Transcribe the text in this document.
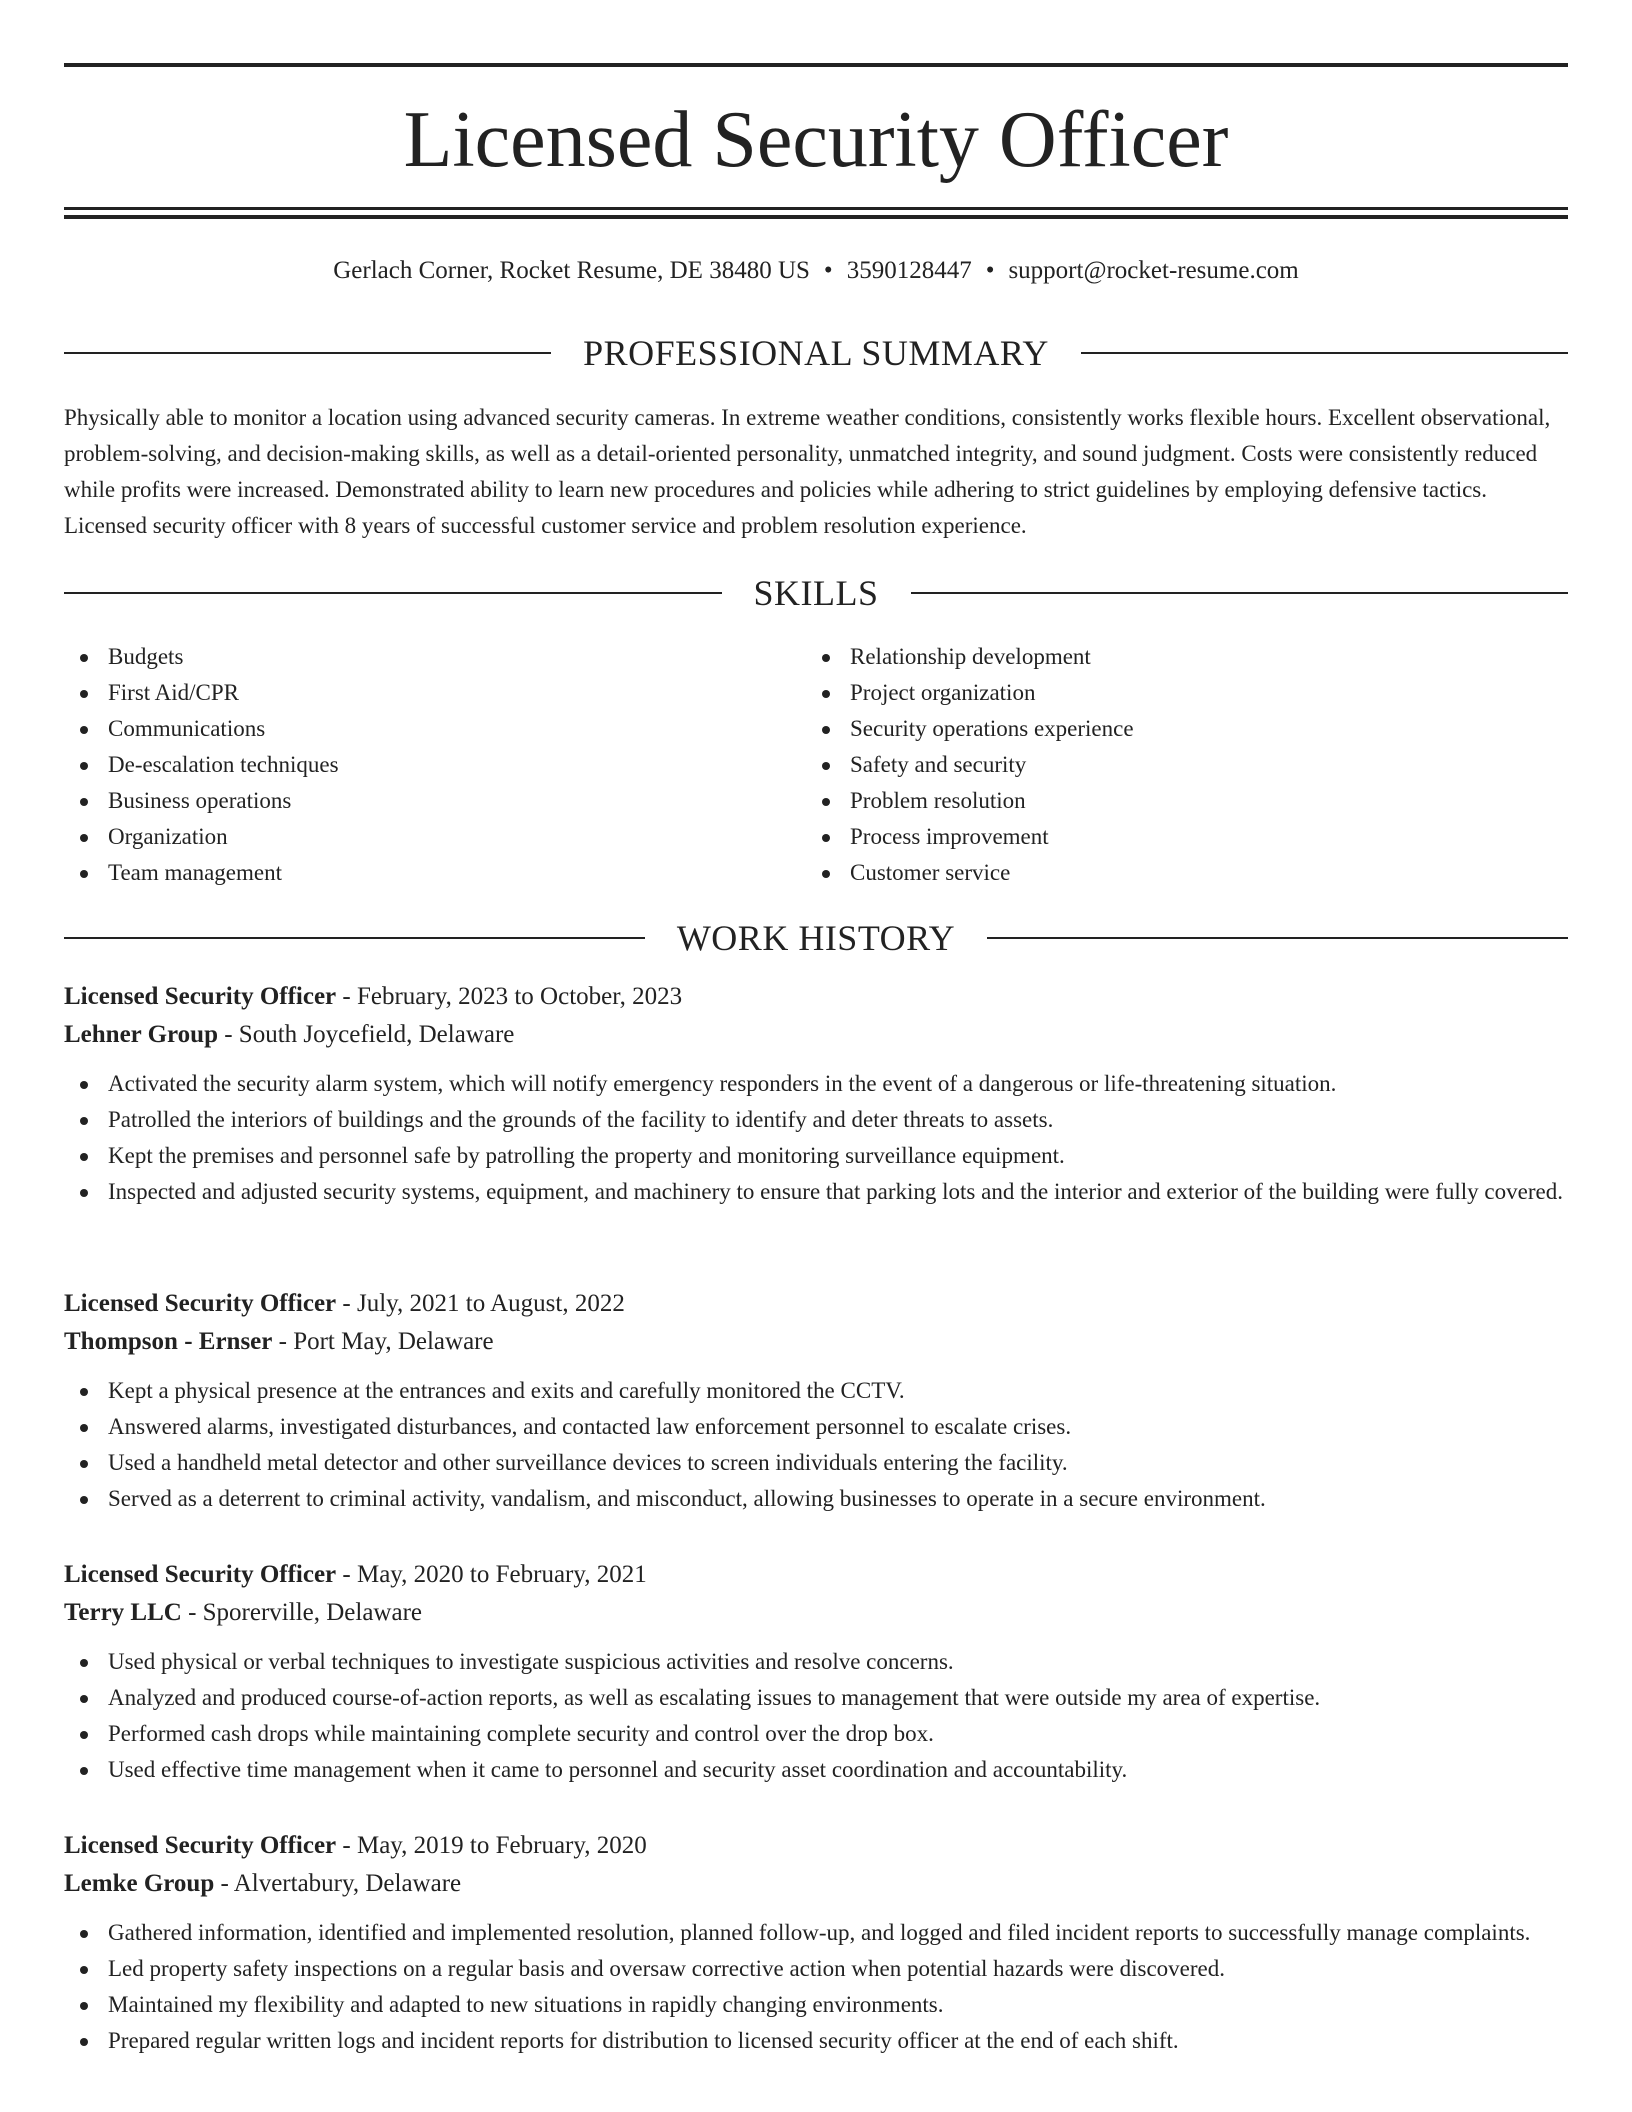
Licensed Security Officer
Gerlach Corner, Rocket Resume, DE 38480 US • 3590128447 • support@rocket-resume.com
PROFESSIONAL SUMMARY

Physically able to monitor a location using advanced security cameras. In extreme weather conditions, consistently works flexible hours. Excellent observational, problem-solving, and decision-making skills, as well as a detail-oriented personality, unmatched integrity, and sound judgment. Costs were consistently reduced while profits were increased. Demonstrated ability to learn new procedures and policies while adhering to strict guidelines by employing defensive tactics. Licensed security officer with 8 years of successful customer service and problem resolution experience.

SKILLS
Budgets
First Aid/CPR
Communications
De-escalation techniques
Business operations
Organization
Team management
Relationship development
Project organization
Security operations experience
Safety and security
Problem resolution
Process improvement
Customer service
WORK HISTORY
Licensed Security Officer - February, 2023 to October, 2023
Lehner Group - South Joycefield, Delaware
Activated the security alarm system, which will notify emergency responders in the event of a dangerous or life-threatening situation.
Patrolled the interiors of buildings and the grounds of the facility to identify and deter threats to assets.
Kept the premises and personnel safe by patrolling the property and monitoring surveillance equipment.
Inspected and adjusted security systems, equipment, and machinery to ensure that parking lots and the interior and exterior of the building were fully covered.
Licensed Security Officer - July, 2021 to August, 2022
Thompson - Ernser - Port May, Delaware
Kept a physical presence at the entrances and exits and carefully monitored the CCTV.
Answered alarms, investigated disturbances, and contacted law enforcement personnel to escalate crises.
Used a handheld metal detector and other surveillance devices to screen individuals entering the facility.
Served as a deterrent to criminal activity, vandalism, and misconduct, allowing businesses to operate in a secure environment.
Licensed Security Officer - May, 2020 to February, 2021
Terry LLC - Sporerville, Delaware
Used physical or verbal techniques to investigate suspicious activities and resolve concerns.
Analyzed and produced course-of-action reports, as well as escalating issues to management that were outside my area of expertise.
Performed cash drops while maintaining complete security and control over the drop box.
Used effective time management when it came to personnel and security asset coordination and accountability.
Licensed Security Officer - May, 2019 to February, 2020
Lemke Group - Alvertabury, Delaware
Gathered information, identified and implemented resolution, planned follow-up, and logged and filed incident reports to successfully manage complaints.
Led property safety inspections on a regular basis and oversaw corrective action when potential hazards were discovered.
Maintained my flexibility and adapted to new situations in rapidly changing environments.
Prepared regular written logs and incident reports for distribution to licensed security officer at the end of each shift.
